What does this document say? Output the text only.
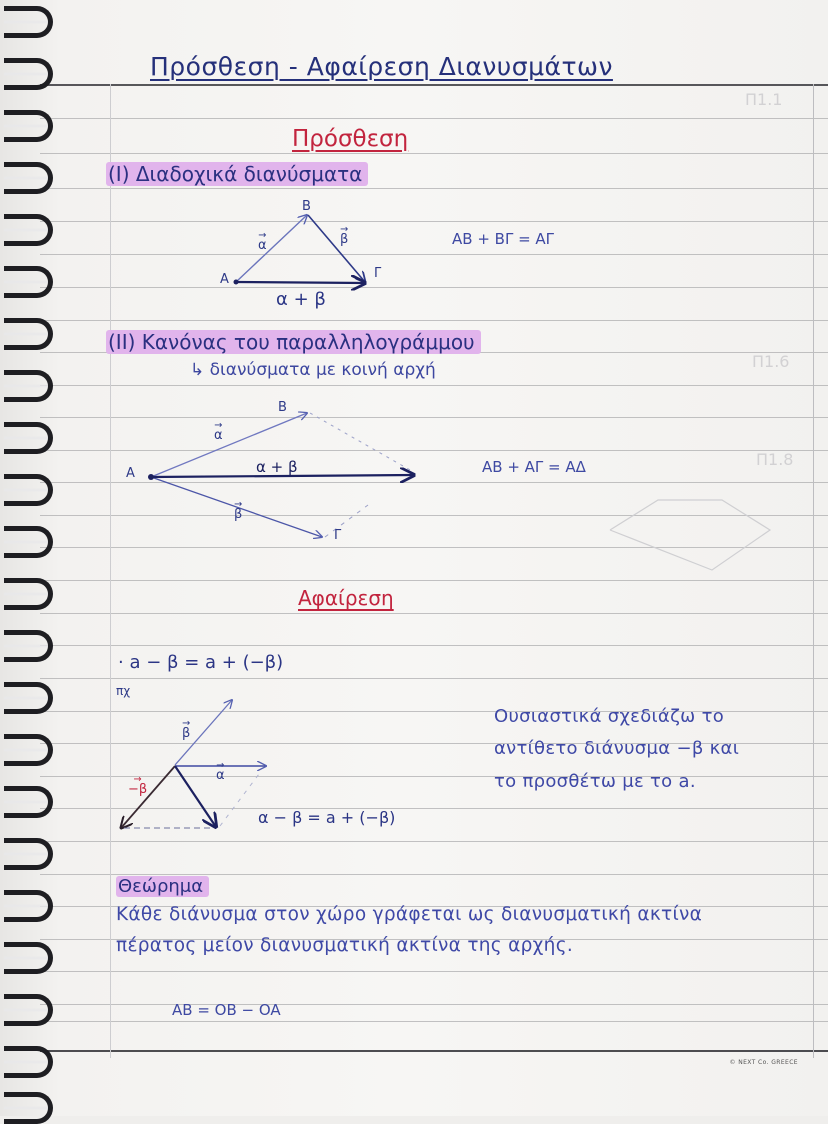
Π1.1
Π1.6
Π1.8
Πρόσθεση - Αφαίρεση Διανυσμάτων
Πρόσθεση
(Ι) Διαδοχικά διανύσματα
B
A	Γ
→ α	→ β
α + β
AB + BΓ = AΓ
(ΙΙ) Κανόνας του παραλληλογράμμου
↳ διανύσματα με κοινή αρχή
B
A
Γ
→ α
→ β
α + β	AB + AΓ = AΔ
Αφαίρεση
· a − β = a + (−β)
πχ
→ β
→ α
→ −β
α − β = a + (−β)
Ουσιαστικά σχεδιάζω το
αντίθετο διάνυσμα −β και
το προσθέτω με το a.
Θεώρημα
Κάθε διάνυσμα στον χώρο γράφεται ως διανυσματική ακτίνα
πέρατος μείον διανυσματική ακτίνα της αρχής.
AB = OB − OA
© NEXT Co. GREECE
